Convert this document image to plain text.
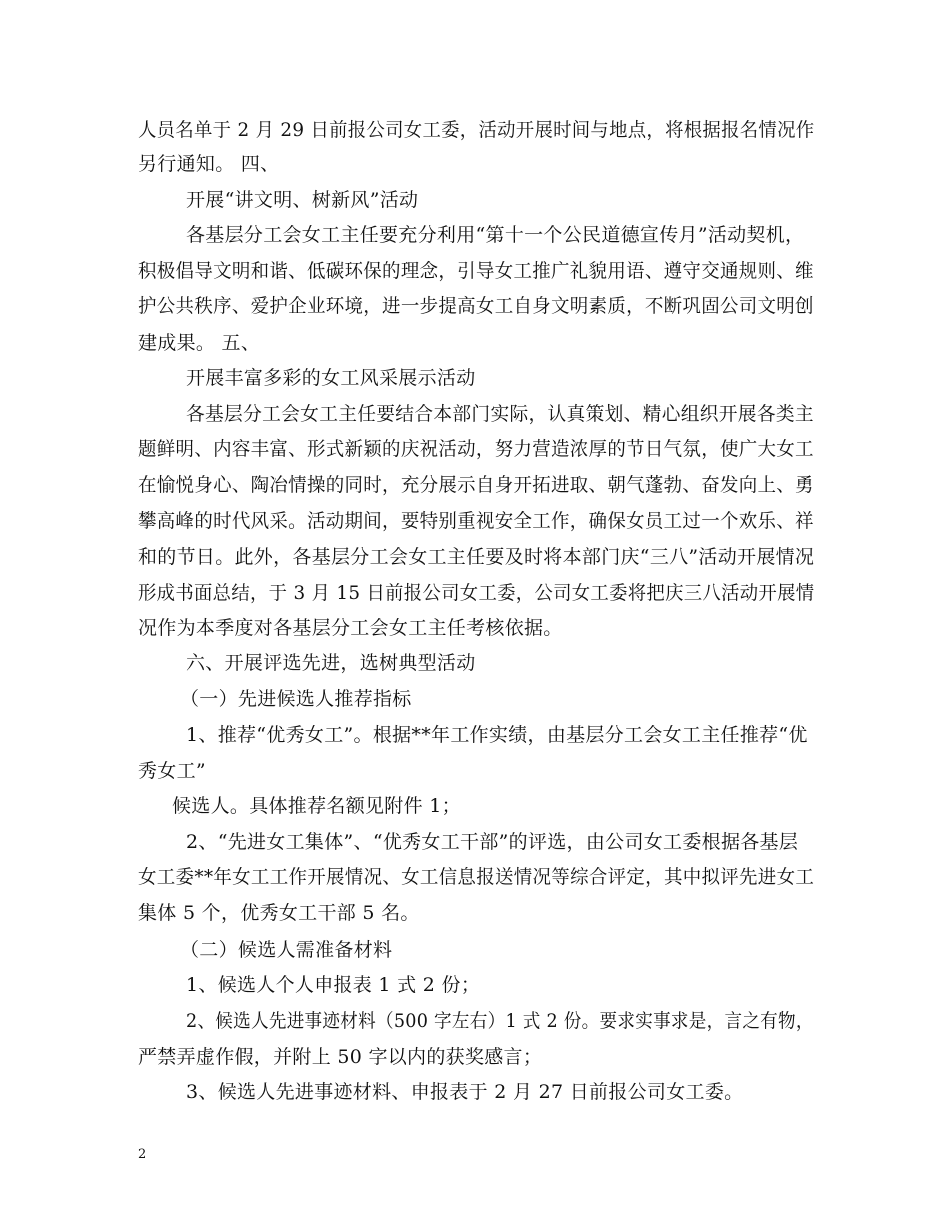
人员名单于 2 月 29 日前报公司女工委，活动开展时间与地点，将根据报名情况作
另行通知。 四、
开展“讲文明、树新风”活动
各基层分工会女工主任要充分利用“第十一个公民道德宣传月”活动契机，
积极倡导文明和谐、低碳环保的理念，引导女工推广礼貌用语、遵守交通规则、维
护公共秩序、爱护企业环境，进一步提高女工自身文明素质，不断巩固公司文明创
建成果。 五、
开展丰富多彩的女工风采展示活动
各基层分工会女工主任要结合本部门实际，认真策划、精心组织开展各类主
题鲜明、内容丰富、形式新颖的庆祝活动，努力营造浓厚的节日气氛，使广大女工
在愉悦身心、陶冶情操的同时，充分展示自身开拓进取、朝气蓬勃、奋发向上、勇
攀高峰的时代风采。活动期间，要特别重视安全工作，确保女员工过一个欢乐、祥
和的节日。此外，各基层分工会女工主任要及时将本部门庆“三八”活动开展情况
形成书面总结，于 3 月 15 日前报公司女工委，公司女工委将把庆三八活动开展情
况作为本季度对各基层分工会女工主任考核依据。
六、开展评选先进，选树典型活动
（一）先进候选人推荐指标
1、推荐“优秀女工”。根据**年工作实绩，由基层分工会女工主任推荐“优
秀女工”
候选人。具体推荐名额见附件 1；
2、“先进女工集体”、“优秀女工干部”的评选，由公司女工委根据各基层
女工委**年女工工作开展情况、女工信息报送情况等综合评定，其中拟评先进女工
集体 5 个，优秀女工干部 5 名。
（二）候选人需准备材料
1、候选人个人申报表 1 式 2 份；
2、候选人先进事迹材料（500 字左右）1 式 2 份。要求实事求是，言之有物，
严禁弄虚作假，并附上 50 字以内的获奖感言；
3、候选人先进事迹材料、申报表于 2 月 27 日前报公司女工委。
2
